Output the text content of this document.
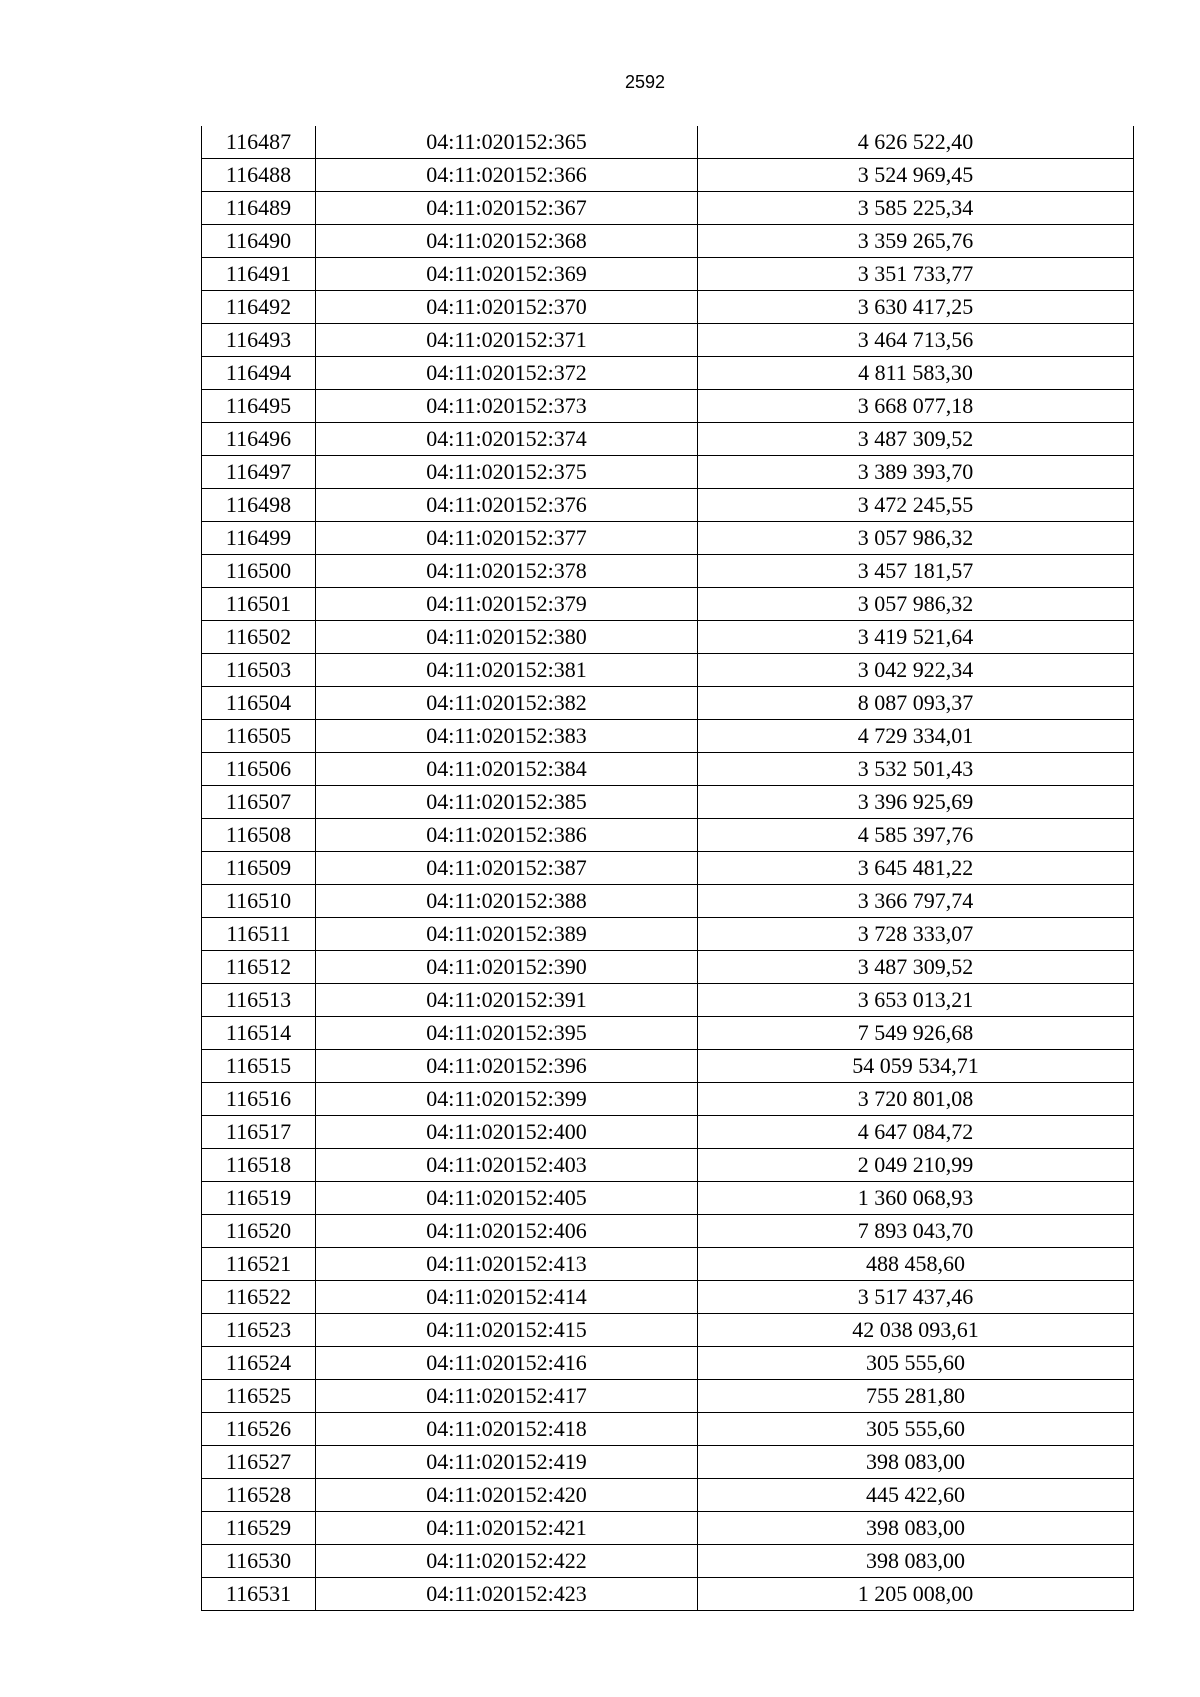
2592
116487	04:11:020152:365	4 626 522,40
116488	04:11:020152:366	3 524 969,45
116489	04:11:020152:367	3 585 225,34
116490	04:11:020152:368	3 359 265,76
116491	04:11:020152:369	3 351 733,77
116492	04:11:020152:370	3 630 417,25
116493	04:11:020152:371	3 464 713,56
116494	04:11:020152:372	4 811 583,30
116495	04:11:020152:373	3 668 077,18
116496	04:11:020152:374	3 487 309,52
116497	04:11:020152:375	3 389 393,70
116498	04:11:020152:376	3 472 245,55
116499	04:11:020152:377	3 057 986,32
116500	04:11:020152:378	3 457 181,57
116501	04:11:020152:379	3 057 986,32
116502	04:11:020152:380	3 419 521,64
116503	04:11:020152:381	3 042 922,34
116504	04:11:020152:382	8 087 093,37
116505	04:11:020152:383	4 729 334,01
116506	04:11:020152:384	3 532 501,43
116507	04:11:020152:385	3 396 925,69
116508	04:11:020152:386	4 585 397,76
116509	04:11:020152:387	3 645 481,22
116510	04:11:020152:388	3 366 797,74
116511	04:11:020152:389	3 728 333,07
116512	04:11:020152:390	3 487 309,52
116513	04:11:020152:391	3 653 013,21
116514	04:11:020152:395	7 549 926,68
116515	04:11:020152:396	54 059 534,71
116516	04:11:020152:399	3 720 801,08
116517	04:11:020152:400	4 647 084,72
116518	04:11:020152:403	2 049 210,99
116519	04:11:020152:405	1 360 068,93
116520	04:11:020152:406	7 893 043,70
116521	04:11:020152:413	488 458,60
116522	04:11:020152:414	3 517 437,46
116523	04:11:020152:415	42 038 093,61
116524	04:11:020152:416	305 555,60
116525	04:11:020152:417	755 281,80
116526	04:11:020152:418	305 555,60
116527	04:11:020152:419	398 083,00
116528	04:11:020152:420	445 422,60
116529	04:11:020152:421	398 083,00
116530	04:11:020152:422	398 083,00
116531	04:11:020152:423	1 205 008,00
